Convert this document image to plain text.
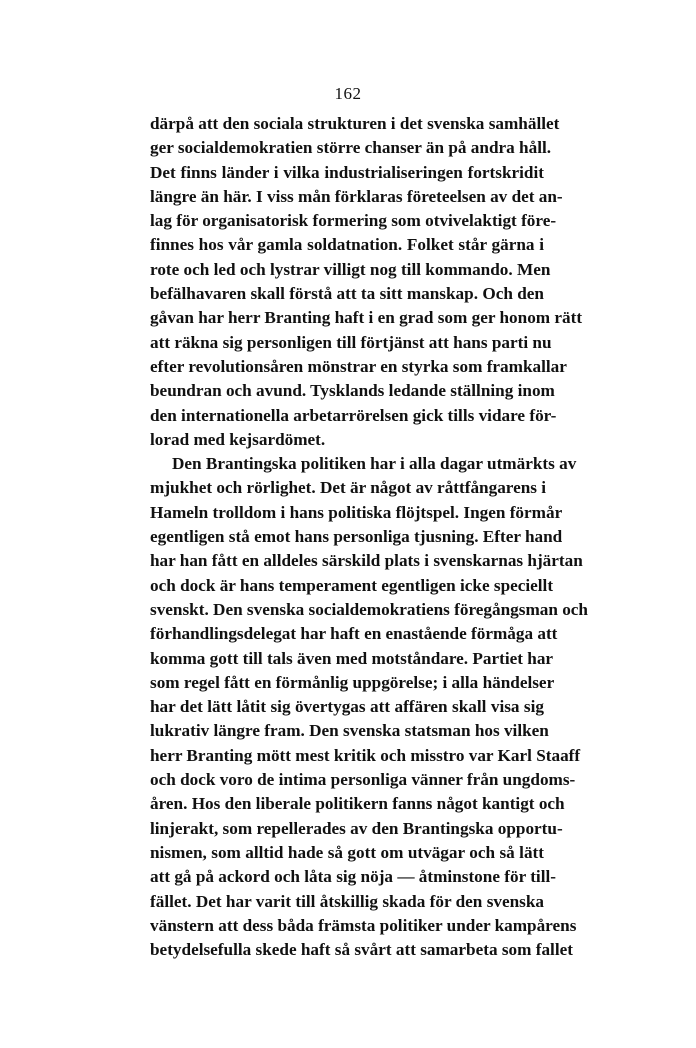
162
därpå att den sociala strukturen i det svenska samhället
ger socialdemokratien större chanser än på andra håll.
Det finns länder i vilka industrialiseringen fortskridit
längre än här. I viss mån förklaras företeelsen av det an-
lag för organisatorisk formering som otvivelaktigt före-
finnes hos vår gamla soldatnation. Folket står gärna i
rote och led och lystrar villigt nog till kommando. Men
befälhavaren skall förstå att ta sitt manskap. Och den
gåvan har herr Branting haft i en grad som ger honom rätt
att räkna sig personligen till förtjänst att hans parti nu
efter revolutionsåren mönstrar en styrka som framkallar
beundran och avund. Tysklands ledande ställning inom
den internationella arbetarrörelsen gick tills vidare för-
lorad med kejsardömet.
Den Brantingska politiken har i alla dagar utmärkts av
mjukhet och rörlighet. Det är något av råttfångarens i
Hameln trolldom i hans politiska flöjtspel. Ingen förmår
egentligen stå emot hans personliga tjusning. Efter hand
har han fått en alldeles särskild plats i svenskarnas hjärtan
och dock är hans temperament egentligen icke speciellt
svenskt. Den svenska socialdemokratiens föregångsman och
förhandlingsdelegat har haft en enastående förmåga att
komma gott till tals även med motståndare. Partiet har
som regel fått en förmånlig uppgörelse; i alla händelser
har det lätt låtit sig övertygas att affären skall visa sig
lukrativ längre fram. Den svenska statsman hos vilken
herr Branting mött mest kritik och misstro var Karl Staaff
och dock voro de intima personliga vänner från ungdoms-
åren. Hos den liberale politikern fanns något kantigt och
linjerakt, som repellerades av den Brantingska opportu-
nismen, som alltid hade så gott om utvägar och så lätt
att gå på ackord och låta sig nöja — åtminstone för till-
fället. Det har varit till åtskillig skada för den svenska
vänstern att dess båda främsta politiker under kampårens
betydelsefulla skede haft så svårt att samarbeta som fallet
